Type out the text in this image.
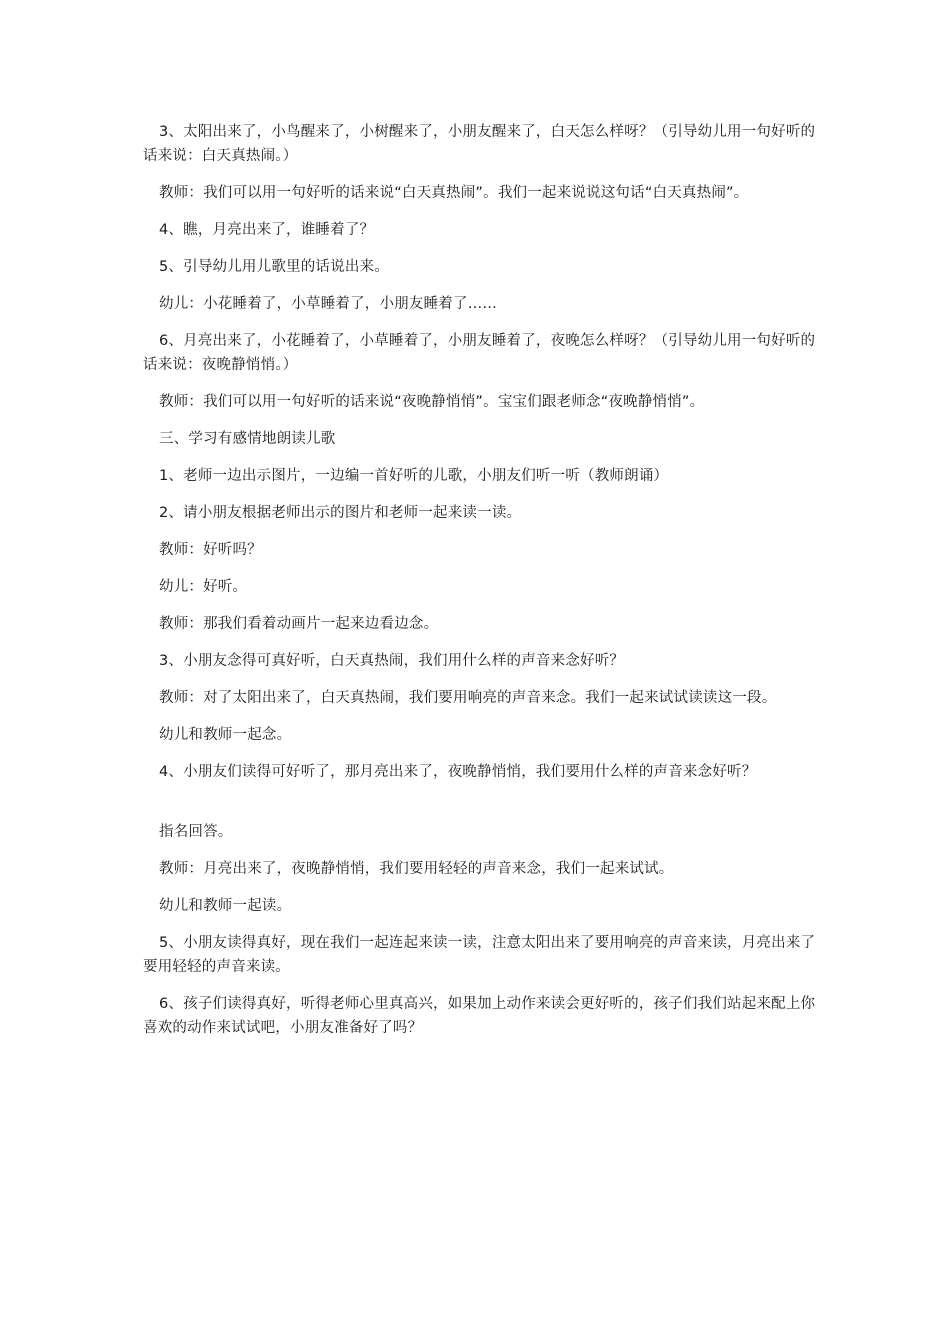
3、太阳出来了，小鸟醒来了，小树醒来了，小朋友醒来了，白天怎么样呀？（引导幼儿用一句好听的话来说：白天真热闹。）

教师：我们可以用一句好听的话来说“白天真热闹”。我们一起来说说这句话“白天真热闹”。

4、瞧，月亮出来了，谁睡着了？

5、引导幼儿用儿歌里的话说出来。

幼儿：小花睡着了，小草睡着了，小朋友睡着了……

6、月亮出来了，小花睡着了，小草睡着了，小朋友睡着了，夜晚怎么样呀？（引导幼儿用一句好听的话来说：夜晚静悄悄。）

教师：我们可以用一句好听的话来说“夜晚静悄悄”。宝宝们跟老师念“夜晚静悄悄”。

三、学习有感情地朗读儿歌

1、老师一边出示图片，一边编一首好听的儿歌，小朋友们听一听（教师朗诵）

2、请小朋友根据老师出示的图片和老师一起来读一读。

教师：好听吗？

幼儿：好听。

教师：那我们看着动画片一起来边看边念。

3、小朋友念得可真好听，白天真热闹，我们用什么样的声音来念好听？

教师：对了太阳出来了，白天真热闹，我们要用响亮的声音来念。我们一起来试试读读这一段。

幼儿和教师一起念。

4、小朋友们读得可好听了，那月亮出来了，夜晚静悄悄，我们要用什么样的声音来念好听？

指名回答。

教师：月亮出来了，夜晚静悄悄，我们要用轻轻的声音来念，我们一起来试试。

幼儿和教师一起读。

5、小朋友读得真好，现在我们一起连起来读一读，注意太阳出来了要用响亮的声音来读，月亮出来了要用轻轻的声音来读。

6、孩子们读得真好，听得老师心里真高兴，如果加上动作来读会更好听的，孩子们我们站起来配上你喜欢的动作来试试吧，小朋友准备好了吗？
